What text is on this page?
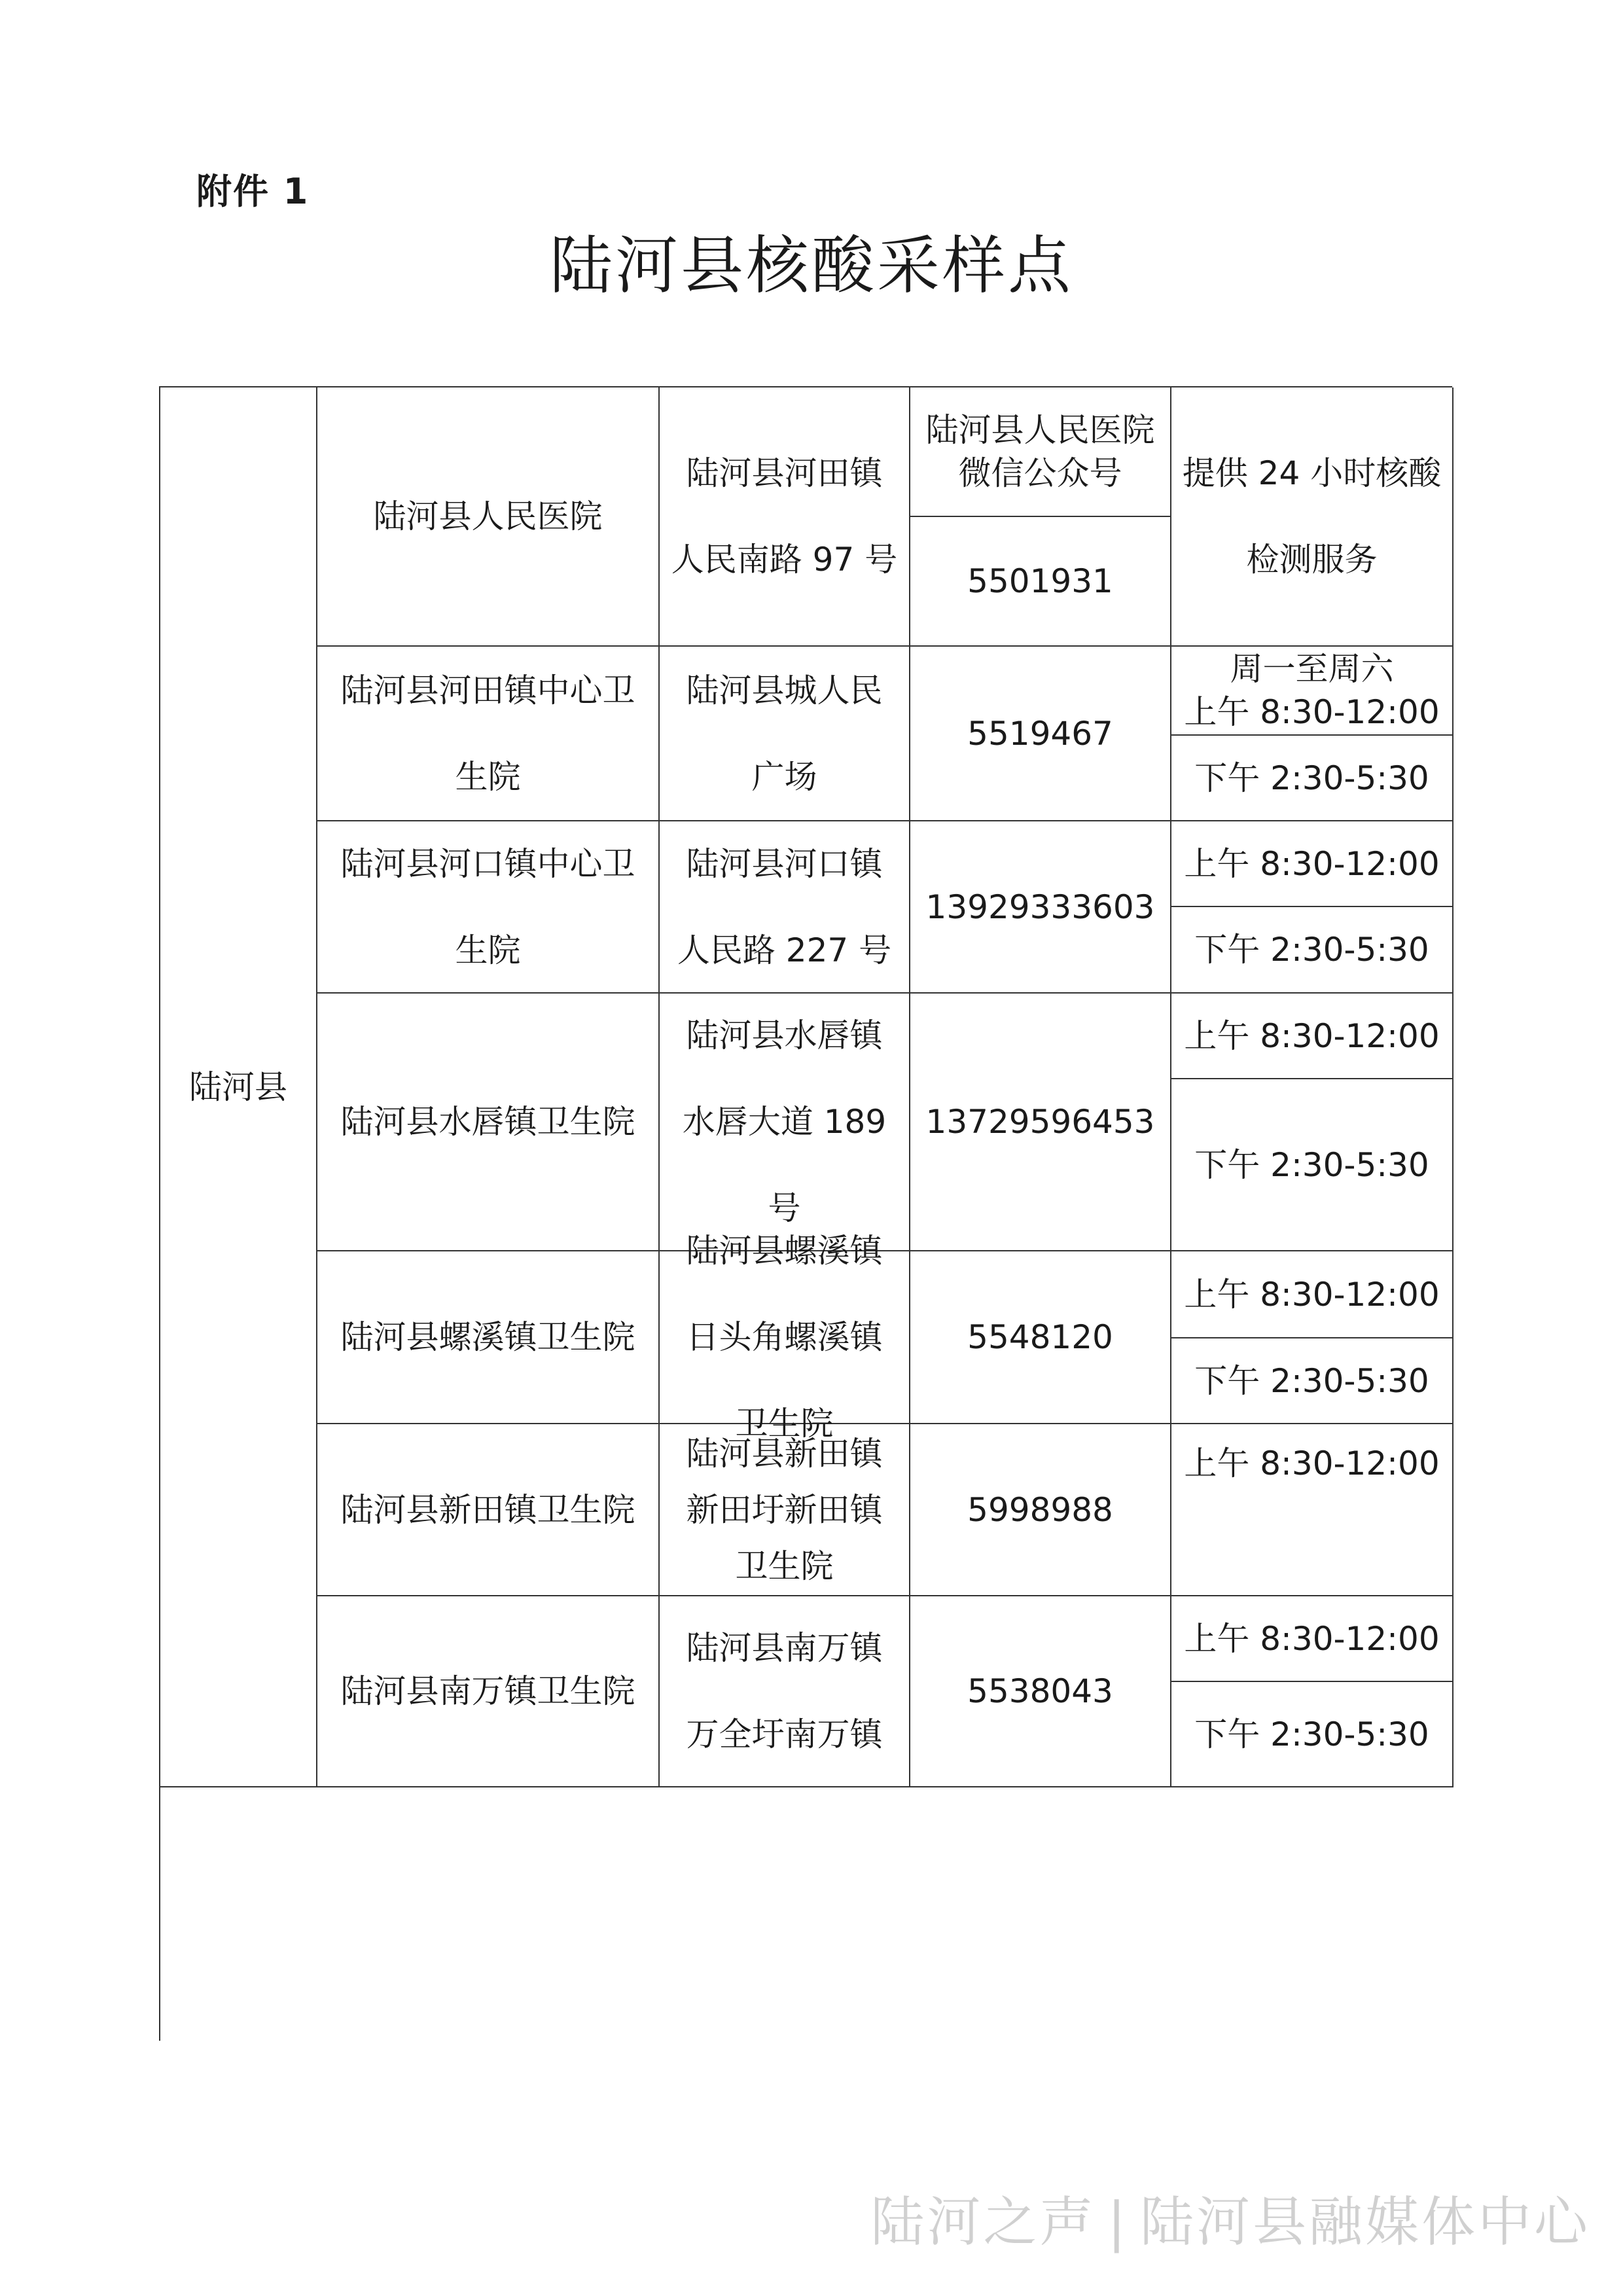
附件 1
陆河县核酸采样点
陆河县
陆河县人民医院
陆河县河田镇
人民南路 97 号
陆河县人民医院
微信公众号
5501931
提供 24 小时核酸
检测服务
陆河县河田镇中心卫
生院
陆河县城人民
广场
5519467
周一至周六
上午 8:30-12:00
下午 2:30-5:30
陆河县河口镇中心卫
生院
陆河县河口镇
人民路 227 号
13929333603
上午 8:30-12:00
下午 2:30-5:30
陆河县水唇镇卫生院
陆河县水唇镇
水唇大道 189
号
13729596453
上午 8:30-12:00
下午 2:30-5:30
陆河县螺溪镇卫生院
陆河县螺溪镇
日头角螺溪镇
卫生院
5548120
上午 8:30-12:00
下午 2:30-5:30
陆河县新田镇卫生院
陆河县新田镇
新田圩新田镇
卫生院
5998988
上午 8:30-12:00
陆河县南万镇卫生院
陆河县南万镇
万全圩南万镇
5538043
上午 8:30-12:00
下午 2:30-5:30
陆河之声 | 陆河县融媒体中心
